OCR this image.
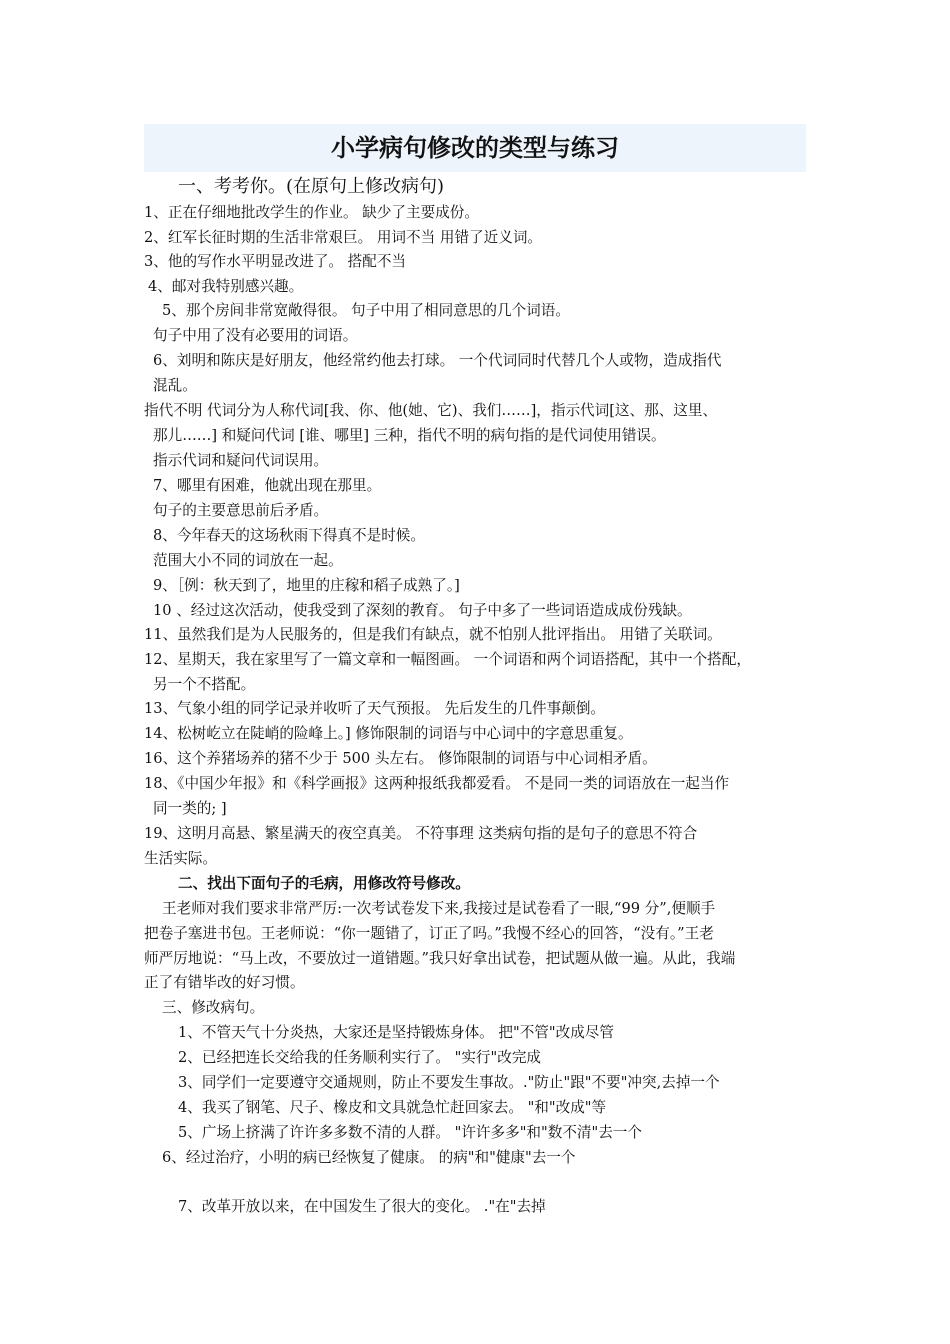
小学病句修改的类型与练习
一、考考你。(在原句上修改病句)
1、正在仔细地批改学生的作业。 缺少了主要成份。
2、红军长征时期的生活非常艰巨。 用词不当 用错了近义词。
3、他的写作水平明显改进了。 搭配不当
4、邮对我特别感兴趣。
5、那个房间非常宽敞得很。 句子中用了相同意思的几个词语。
句子中用了没有必要用的词语。
6、刘明和陈庆是好朋友，他经常约他去打球。 一个代词同时代替几个人或物，造成指代
混乱。
指代不明 代词分为人称代词[我、你、他(她、它)、我们……]，指示代词[这、那、这里、
那儿……] 和疑问代词 [谁、哪里] 三种，指代不明的病句指的是代词使用错误。
指示代词和疑问代词误用。
7、哪里有困难，他就出现在那里。
句子的主要意思前后矛盾。
8、今年春天的这场秋雨下得真不是时候。
范围大小不同的词放在一起。
9、［例：秋天到了，地里的庄稼和稻子成熟了。]
10 、经过这次活动，使我受到了深刻的教育。 句子中多了一些词语造成成份残缺。
11、虽然我们是为人民服务的，但是我们有缺点，就不怕别人批评指出。 用错了关联词。
12、星期天，我在家里写了一篇文章和一幅图画。 一个词语和两个词语搭配，其中一个搭配，
另一个不搭配。
13、气象小组的同学记录并收听了天气预报。 先后发生的几件事颠倒。
14、松树屹立在陡峭的险峰上。] 修饰限制的词语与中心词中的字意思重复。
16、这个养猪场养的猪不少于 500 头左右。 修饰限制的词语与中心词相矛盾。
18、《中国少年报》和《科学画报》这两种报纸我都爱看。 不是同一类的词语放在一起当作
同一类的; ]
19、这明月高悬、繁星满天的夜空真美。 不符事理 这类病句指的是句子的意思不符合
生活实际。
二、找出下面句子的毛病，用修改符号修改。
王老师对我们要求非常严厉:一次考试卷发下来,我接过是试卷看了一眼,“99 分”,便顺手
把卷子塞进书包。王老师说：“你一题错了，订正了吗。”我慢不经心的回答，“没有。”王老
师严厉地说：“马上改，不要放过一道错题。”我只好拿出试卷，把试题从做一遍。从此，我端
正了有错毕改的好习惯。
三、修改病句。
1、不管天气十分炎热，大家还是坚持锻炼身体。 把"不管"改成尽管
2、已经把连长交给我的任务顺利实行了。 "实行"改完成
3、同学们一定要遵守交通规则，防止不要发生事故。."防止"跟"不要"冲突,去掉一个
4、我买了钢笔、尺子、橡皮和文具就急忙赶回家去。 "和"改成"等
5、广场上挤满了许许多多数不清的人群。 "许许多多"和"数不清"去一个
6、经过治疗，小明的病已经恢复了健康。 的病"和"健康"去一个
7、改革开放以来，在中国发生了很大的变化。 ."在"去掉
